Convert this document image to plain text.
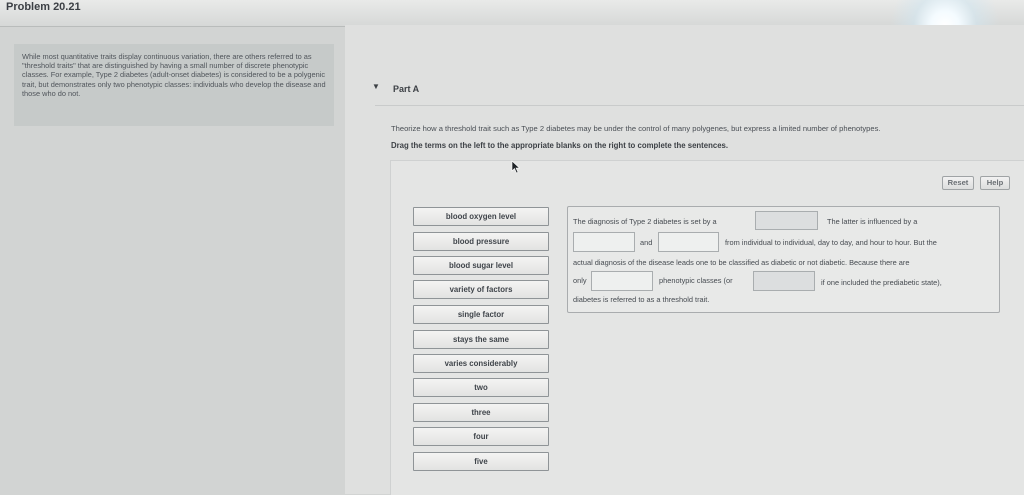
Problem 20.21

While most quantitative traits display continuous variation, there are others referred to as "threshold traits" that are distinguished by having a small number of discrete phenotypic classes. For example, Type 2 diabetes (adult-onset diabetes) is considered to be a polygenic trait, but demonstrates only two phenotypic classes: individuals who develop the disease and those who do not.

▼ Part A
Theorize how a threshold trait such as Type 2 diabetes may be under the control of many polygenes, but express a limited number of phenotypes.
Drag the terms on the left to the appropriate blanks on the right to complete the sentences.
Reset	Help
blood oxygen level
blood pressure
blood sugar level
variety of factors
single factor
stays the same
varies considerably
two
three
four
five
The diagnosis of Type 2 diabetes is set by a	The latter is influenced by a
and	from individual to individual, day to day, and hour to hour. But the
actual diagnosis of the disease leads one to be classified as diabetic or not diabetic. Because there are
only	phenotypic classes (or	if one included the prediabetic state),
diabetes is referred to as a threshold trait.
